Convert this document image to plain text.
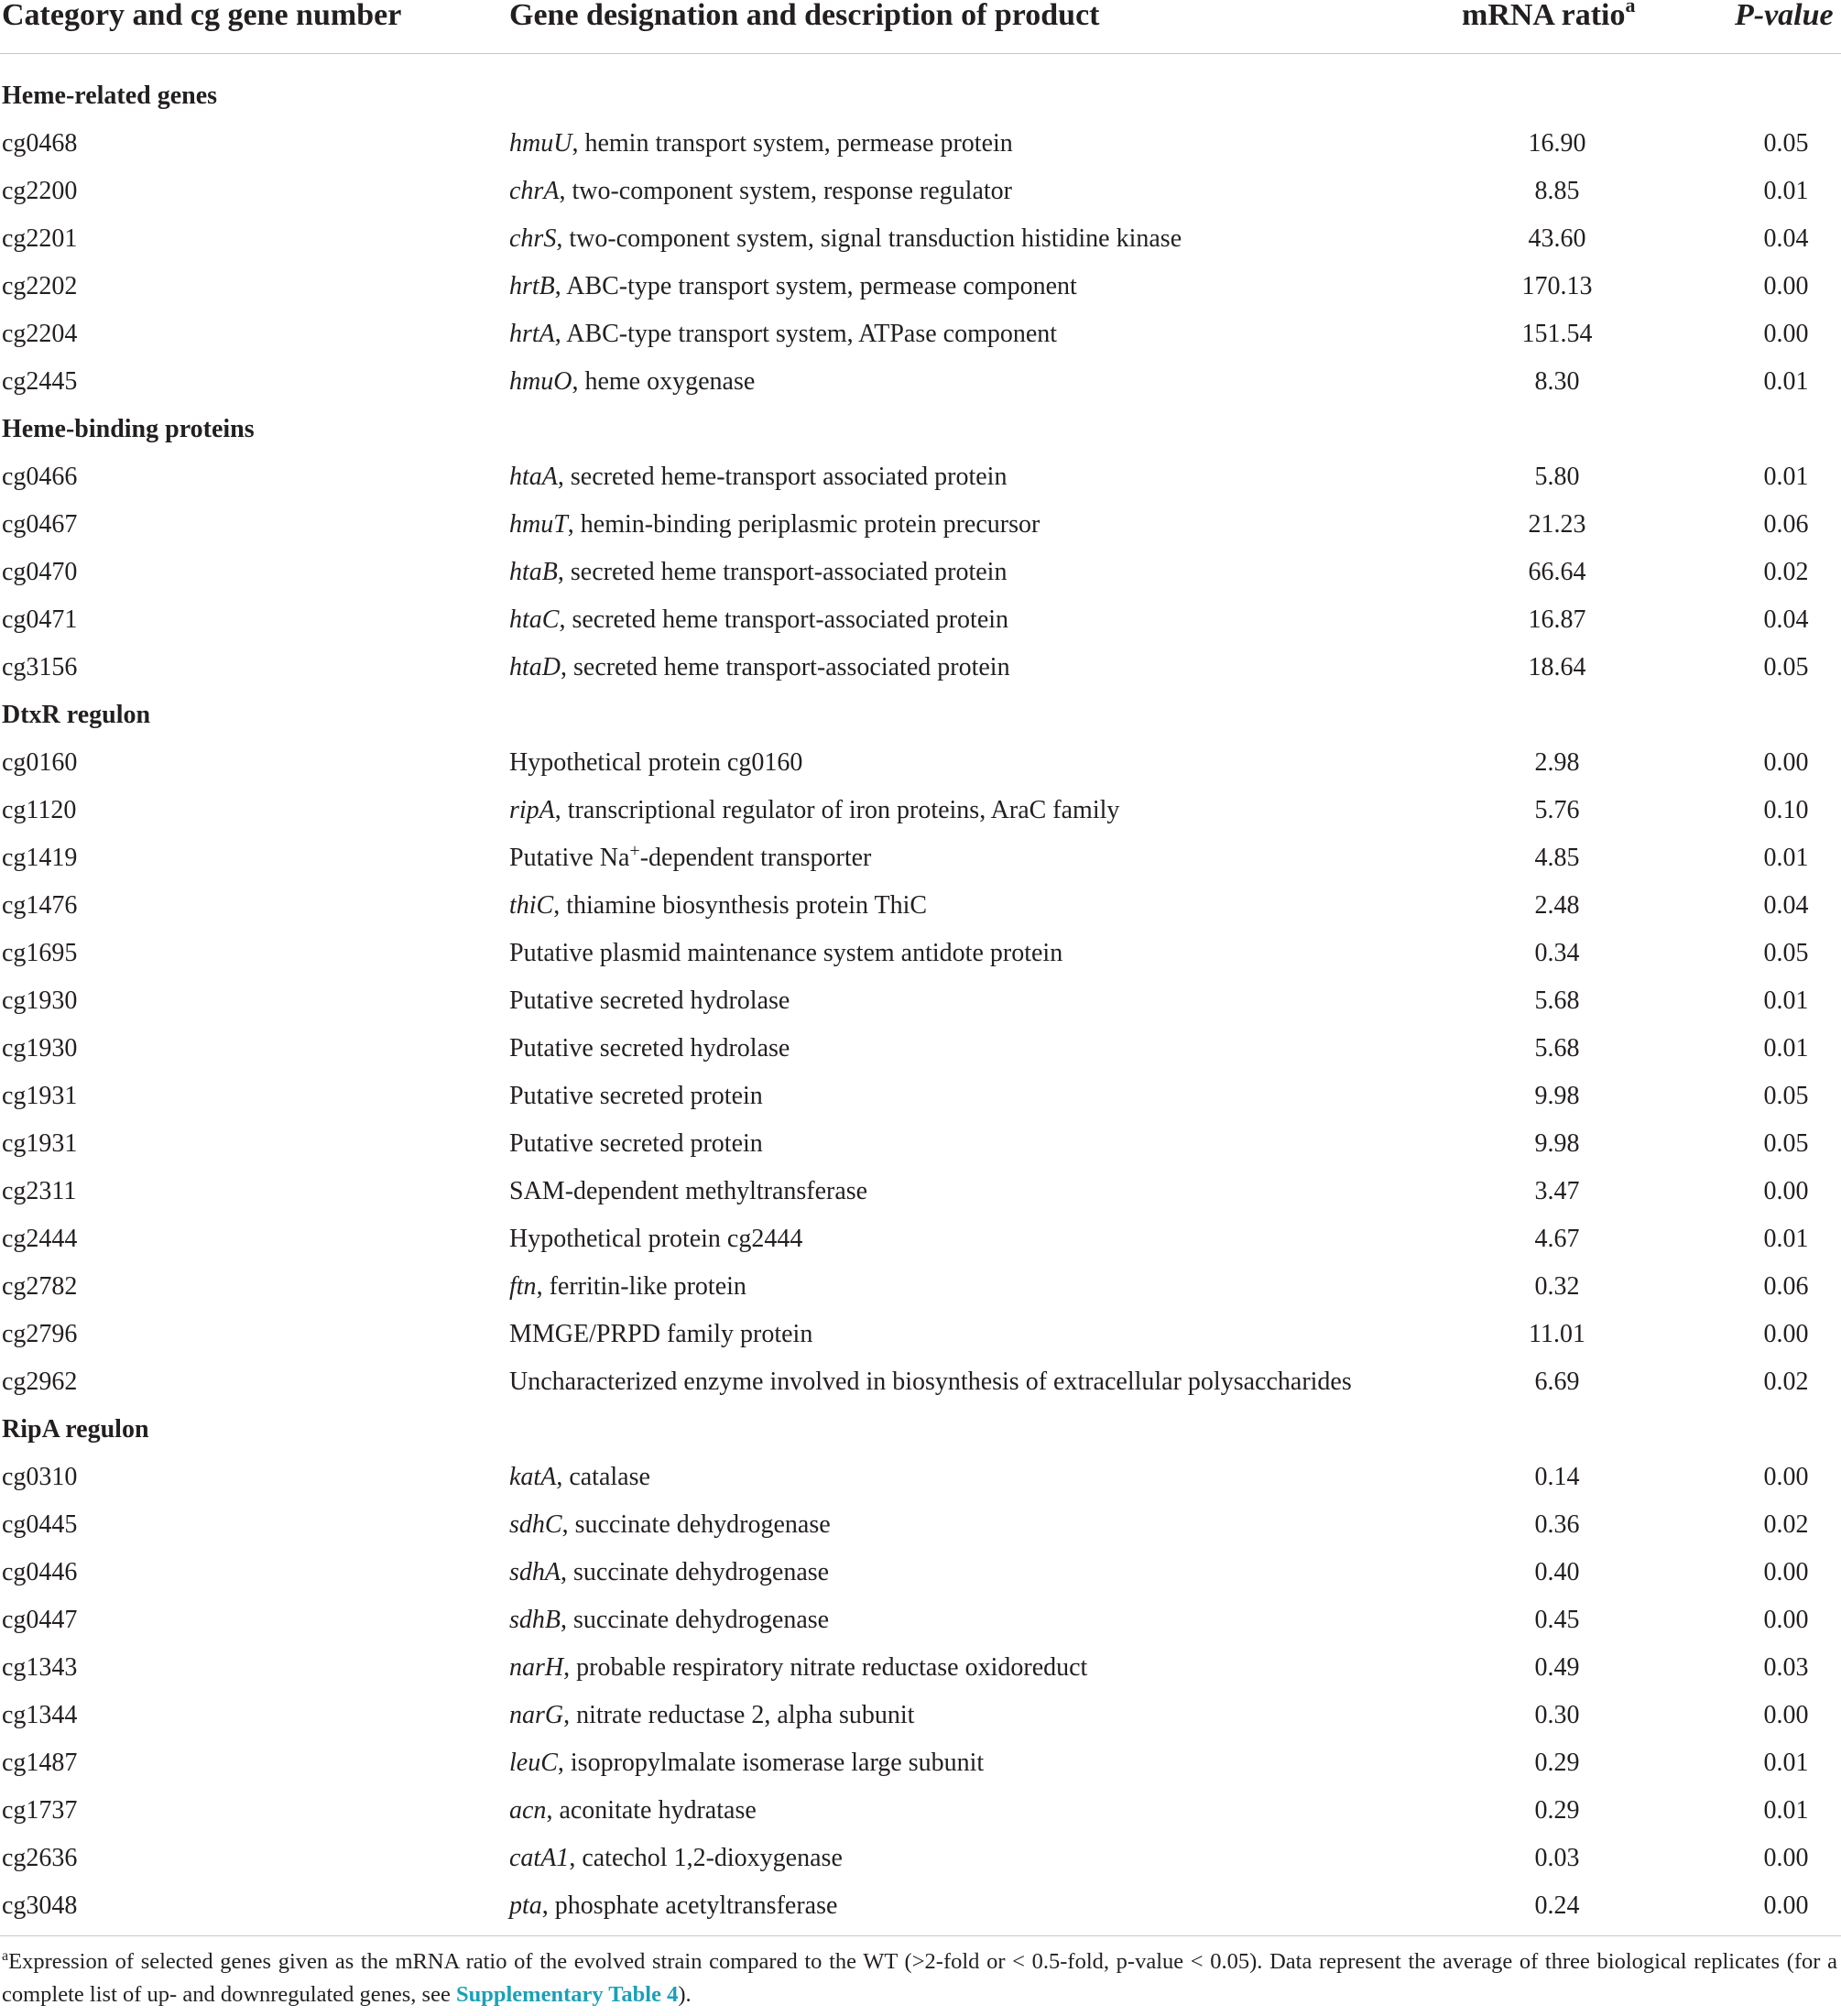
Category and cg gene number	Gene designation and description of product	mRNA ratio$^a$	P-value
Heme-related genes
cg0468	hmuU, hemin transport system, permease protein	16.90	0.05
cg2200	chrA, two-component system, response regulator	8.85	0.01
cg2201	chrS, two-component system, signal transduction histidine kinase	43.60	0.04
cg2202	hrtB, ABC-type transport system, permease component	170.13	0.00
cg2204	hrtA, ABC-type transport system, ATPase component	151.54	0.00
cg2445	hmuO, heme oxygenase	8.30	0.01
Heme-binding proteins
cg0466	htaA, secreted heme-transport associated protein	5.80	0.01
cg0467	hmuT, hemin-binding periplasmic protein precursor	21.23	0.06
cg0470	htaB, secreted heme transport-associated protein	66.64	0.02
cg0471	htaC, secreted heme transport-associated protein	16.87	0.04
cg3156	htaD, secreted heme transport-associated protein	18.64	0.05
DtxR regulon
cg0160	Hypothetical protein cg0160	2.98	0.00
cg1120	ripA, transcriptional regulator of iron proteins, AraC family	5.76	0.10
cg1419	Putative Na+-dependent transporter	4.85	0.01
cg1476	thiC, thiamine biosynthesis protein ThiC	2.48	0.04
cg1695	Putative plasmid maintenance system antidote protein	0.34	0.05
cg1930	Putative secreted hydrolase	5.68	0.01
cg1930	Putative secreted hydrolase	5.68	0.01
cg1931	Putative secreted protein	9.98	0.05
cg1931	Putative secreted protein	9.98	0.05
cg2311	SAM-dependent methyltransferase	3.47	0.00
cg2444	Hypothetical protein cg2444	4.67	0.01
cg2782	ftn, ferritin-like protein	0.32	0.06
cg2796	MMGE/PRPD family protein	11.01	0.00
cg2962	Uncharacterized enzyme involved in biosynthesis of extracellular polysaccharides	6.69	0.02
RipA regulon
cg0310	katA, catalase	0.14	0.00
cg0445	sdhC, succinate dehydrogenase	0.36	0.02
cg0446	sdhA, succinate dehydrogenase	0.40	0.00
cg0447	sdhB, succinate dehydrogenase	0.45	0.00
cg1343	narH, probable respiratory nitrate reductase oxidoreduct	0.49	0.03
cg1344	narG, nitrate reductase 2, alpha subunit	0.30	0.00
cg1487	leuC, isopropylmalate isomerase large subunit	0.29	0.01
cg1737	acn, aconitate hydratase	0.29	0.01
cg2636	catA1, catechol 1,2-dioxygenase	0.03	0.00
cg3048	pta, phosphate acetyltransferase	0.24	0.00
$^a$Expression of selected genes given as the mRNA ratio of the evolved strain compared to the WT (>2-fold or < 0.5-fold, p-value < 0.05). Data represent the average of three biological replicates (for a complete list of up- and downregulated genes, see Supplementary Table 4).
